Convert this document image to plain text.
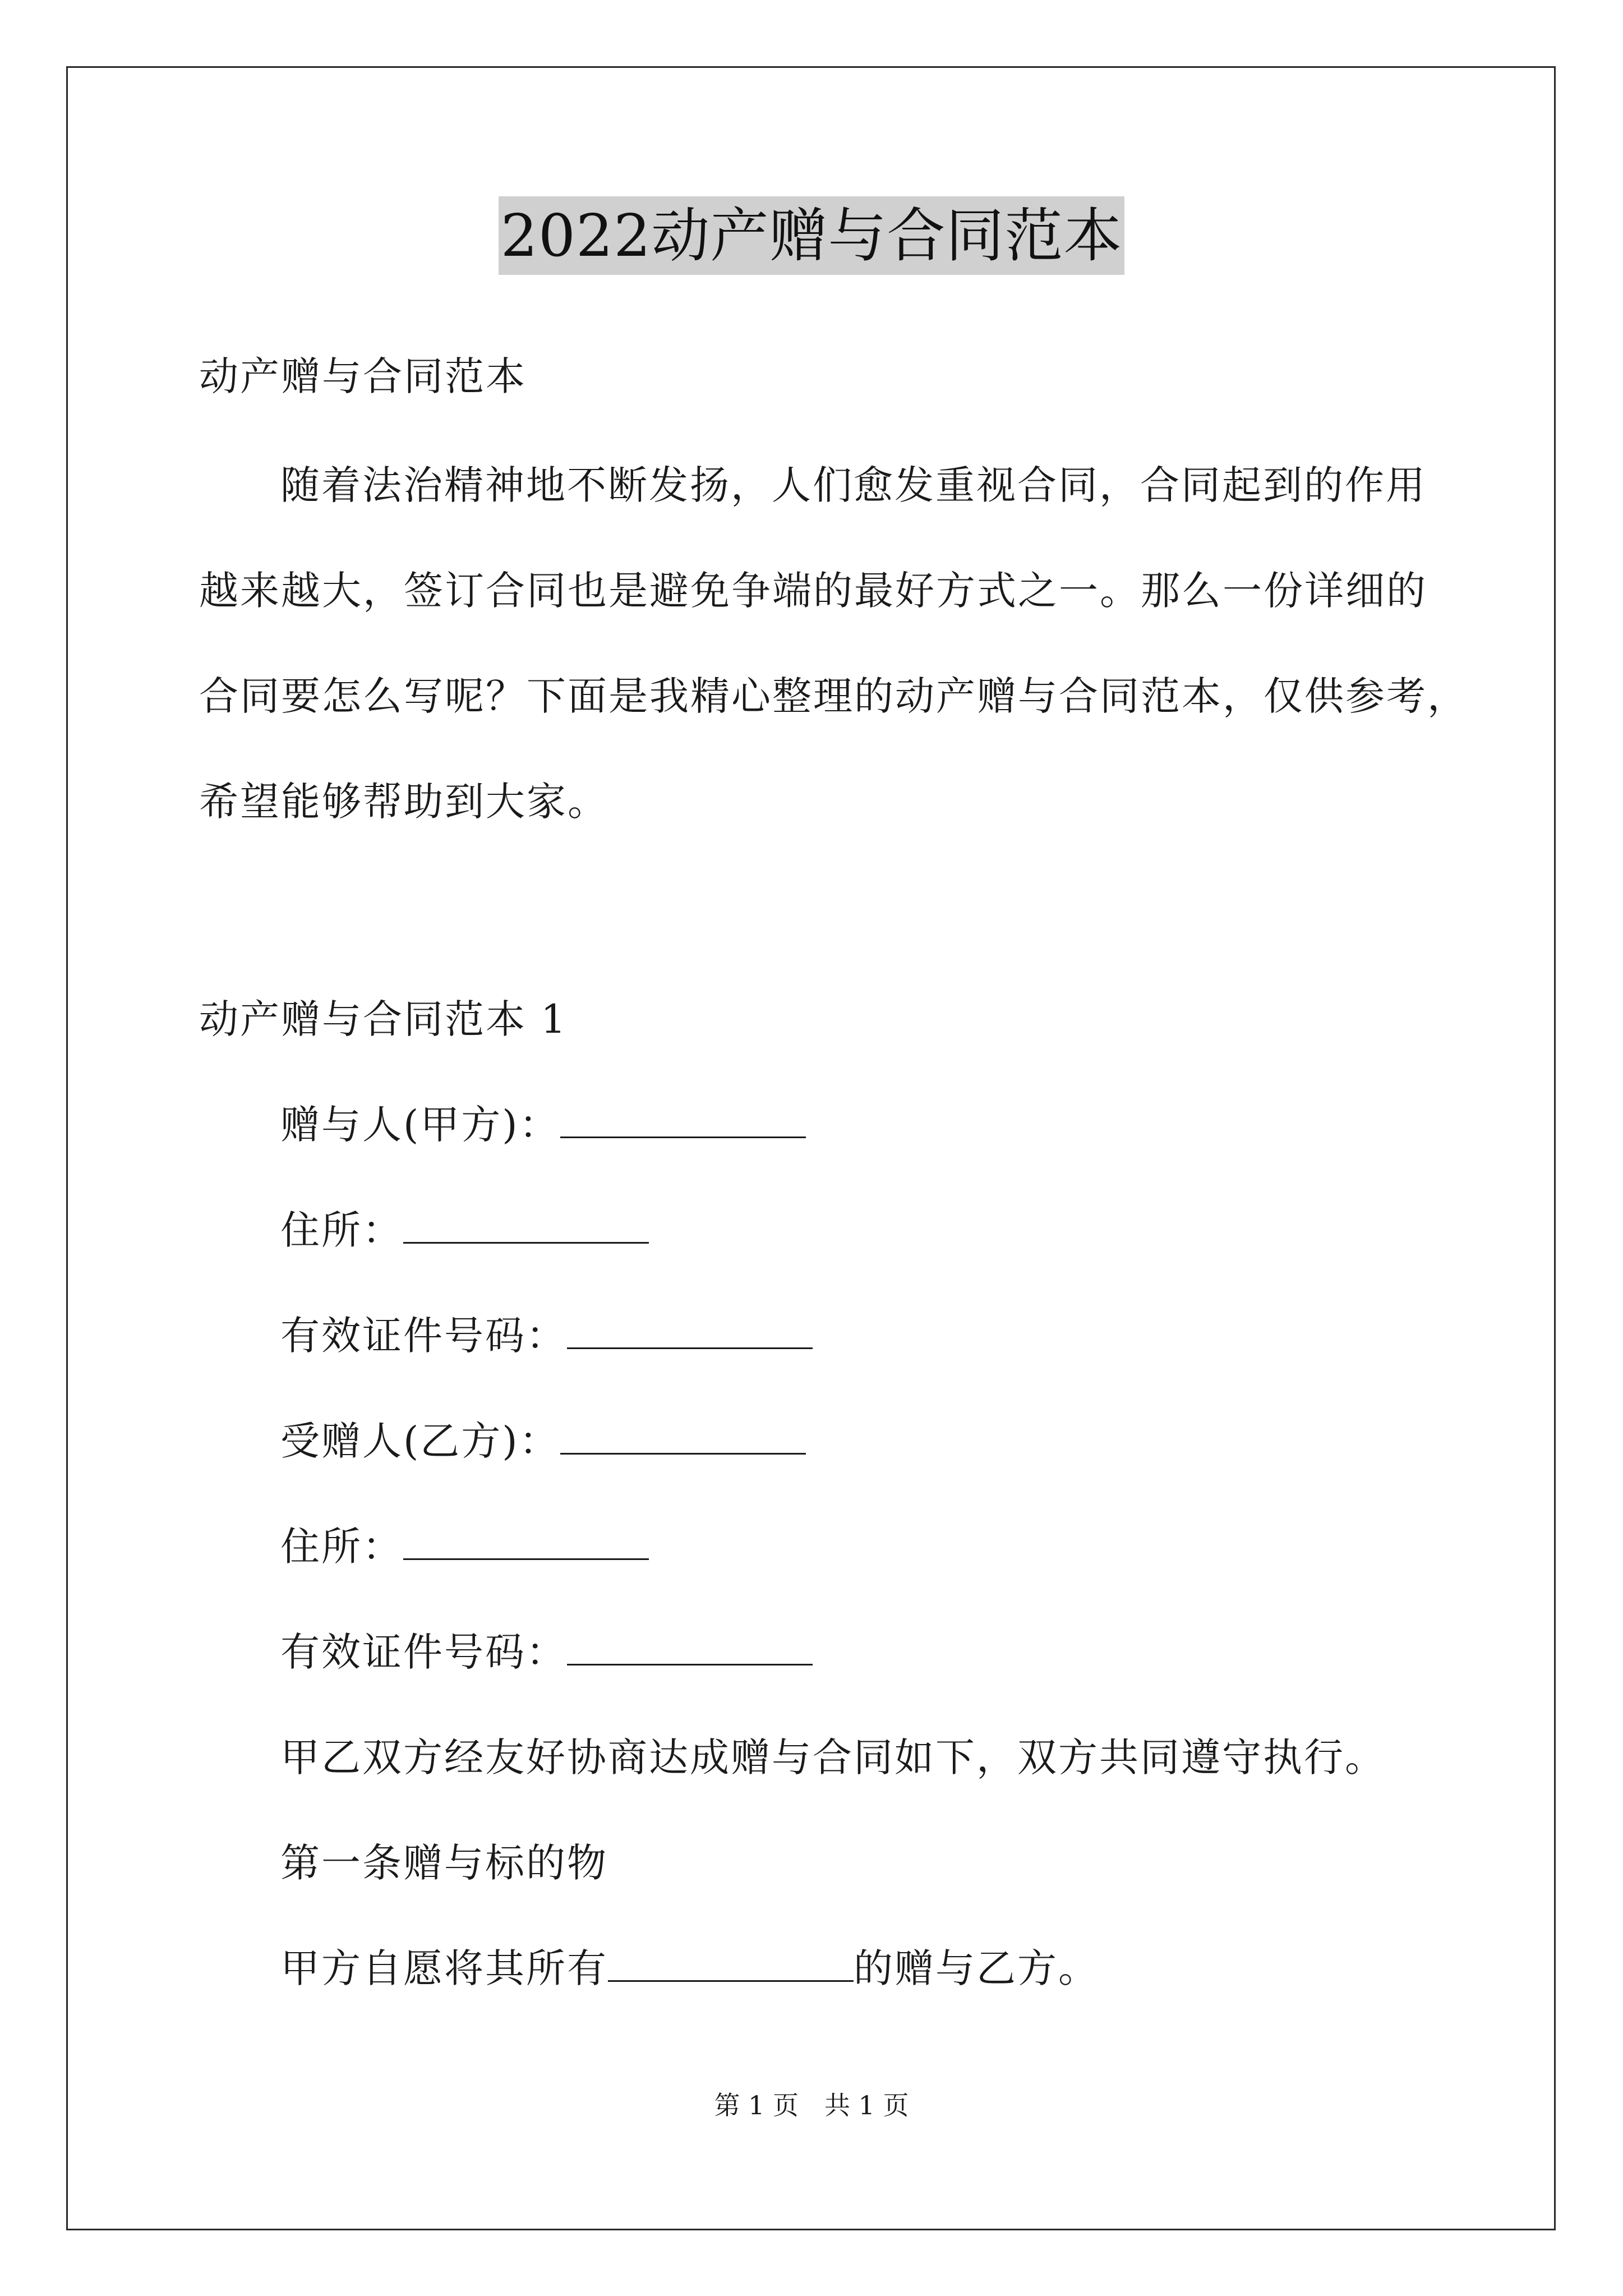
2022动产赠与合同范本
动产赠与合同范本
随着法治精神地不断发扬，人们愈发重视合同，合同起到的作用
越来越大，签订合同也是避免争端的最好方式之一。那么一份详细的
合同要怎么写呢？下面是我精心整理的动产赠与合同范本，仅供参考，
希望能够帮助到大家。
动产赠与合同范本 1
赠与人(甲方)：
住所：
有效证件号码：
受赠人(乙方)：
住所：
有效证件号码：
甲乙双方经友好协商达成赠与合同如下，双方共同遵守执行。
第一条赠与标的物
甲方自愿将其所有	的赠与乙方。
第 1 页　共 1 页
